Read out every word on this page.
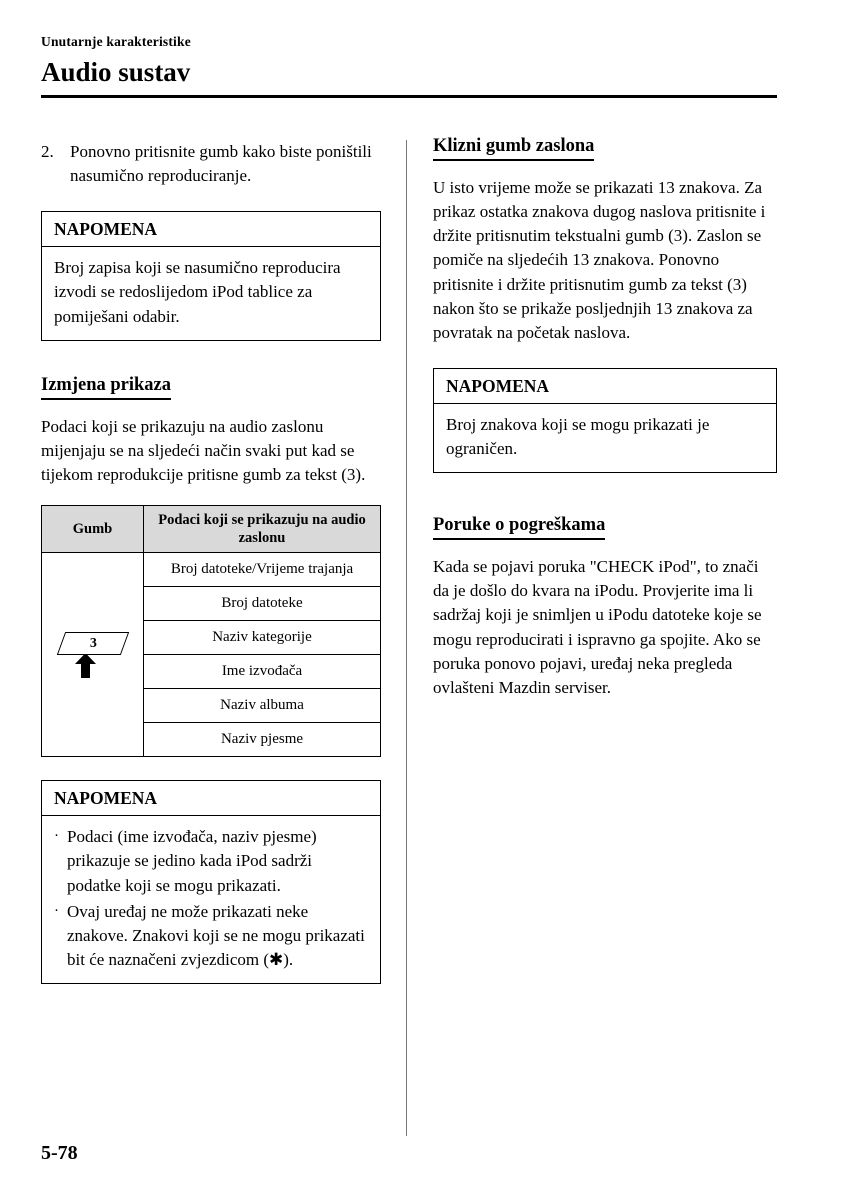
Unutarnje karakteristike
Audio sustav
2. Ponovno pritisnite gumb kako biste poništili nasumično reproduciranje.
NAPOMENA
Broj zapisa koji se nasumično reproducira izvodi se redoslijedom iPod tablice za pomiješani odabir.
Izmjena prikaza

Podaci koji se prikazuju na audio zaslonu mijenjaju se na sljedeći način svaki put kad se tijekom reprodukcije pritisne gumb za tekst (3).

Gumb	Podaci koji se prikazuju na audio zaslonu

3	Broj datoteke/Vrijeme trajanja
	Broj datoteke
	Naziv kategorije
	Ime izvođača
	Naziv albuma
	Naziv pjesme
NAPOMENA
· Podaci (ime izvođača, naziv pjesme) prikazuje se jedino kada iPod sadrži podatke koji se mogu prikazati.
· Ovaj uređaj ne može prikazati neke znakove. Znakovi koji se ne mogu prikazati bit će naznačeni zvjezdicom (✱).
Klizni gumb zaslona

U isto vrijeme može se prikazati 13 znakova. Za prikaz ostatka znakova dugog naslova pritisnite i držite pritisnutim tekstualni gumb (3). Zaslon se pomiče na sljedećih 13 znakova. Ponovno pritisnite i držite pritisnutim gumb za tekst (3) nakon što se prikaže posljednjih 13 znakova za povratak na početak naslova.

NAPOMENA
Broj znakova koji se mogu prikazati je ograničen.
Poruke o pogreškama

Kada se pojavi poruka "CHECK iPod", to znači da je došlo do kvara na iPodu. Provjerite ima li sadržaj koji je snimljen u iPodu datoteke koje se mogu reproducirati i ispravno ga spojite. Ako se poruka ponovo pojavi, uređaj neka pregleda ovlašteni Mazdin serviser.

5-78
